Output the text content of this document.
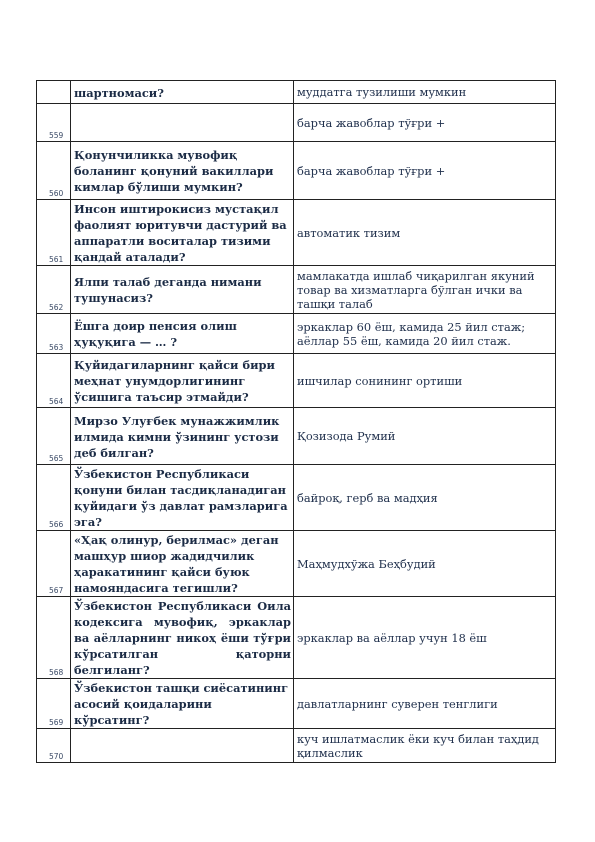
	шартномаси?	муддатга тузилиши мумкин
559		барча жавоблар тўғри +
560	Қонунчиликка мувофиқ боланинг қонуний вакиллари кимлар бўлиши мумкин?	барча жавоблар тўғри +
561	Инсон иштирокисиз мустақил фаолият юритувчи дастурий ва аппаратли воситалар тизими қандай аталади?	автоматик тизим
562	Ялпи талаб деганда нимани тушунасиз?	мамлакатда ишлаб чиқарилган якуний товар ва хизматларга бўлган ички ва ташқи талаб
563	Ёшга доир пенсия олиш ҳуқуқига — … ?	эркаклар 60 ёш, камида 25 йил стаж; аёллар 55 ёш, камида 20 йил стаж.
564	Қуйидагиларнинг қайси бири меҳнат унумдорлигининг ўсишига таъсир этмайди?	ишчилар сонининг ортиши
565	Мирзо Улуғбек мунажжимлик илмида кимни ўзининг устози деб билган?	Қозизода Румий
566	Ўзбекистон Республикаси қонуни билан тасдиқланадиган қуйидаги ўз давлат рамзларига эга?	байроқ, герб ва мадҳия
567	«Ҳақ олинур, берилмас» деган машҳур шиор жадидчилик ҳаракатининг қайси буюк намояндасига тегишли?	Маҳмудхўжа Беҳбудий
568	Ўзбекистон Республикаси Оила кодексига мувофиқ, эркаклар ва аёлларнинг никоҳ ёши тўғри кўрсатилган қаторни белгиланг?	эркаклар ва аёллар учун 18 ёш
569	Ўзбекистон ташқи сиёсатининг асосий қоидаларини кўрсатинг?	давлатларнинг суверен тенглиги
570		куч ишлатмаслик ёки куч билан таҳдид қилмаслик
